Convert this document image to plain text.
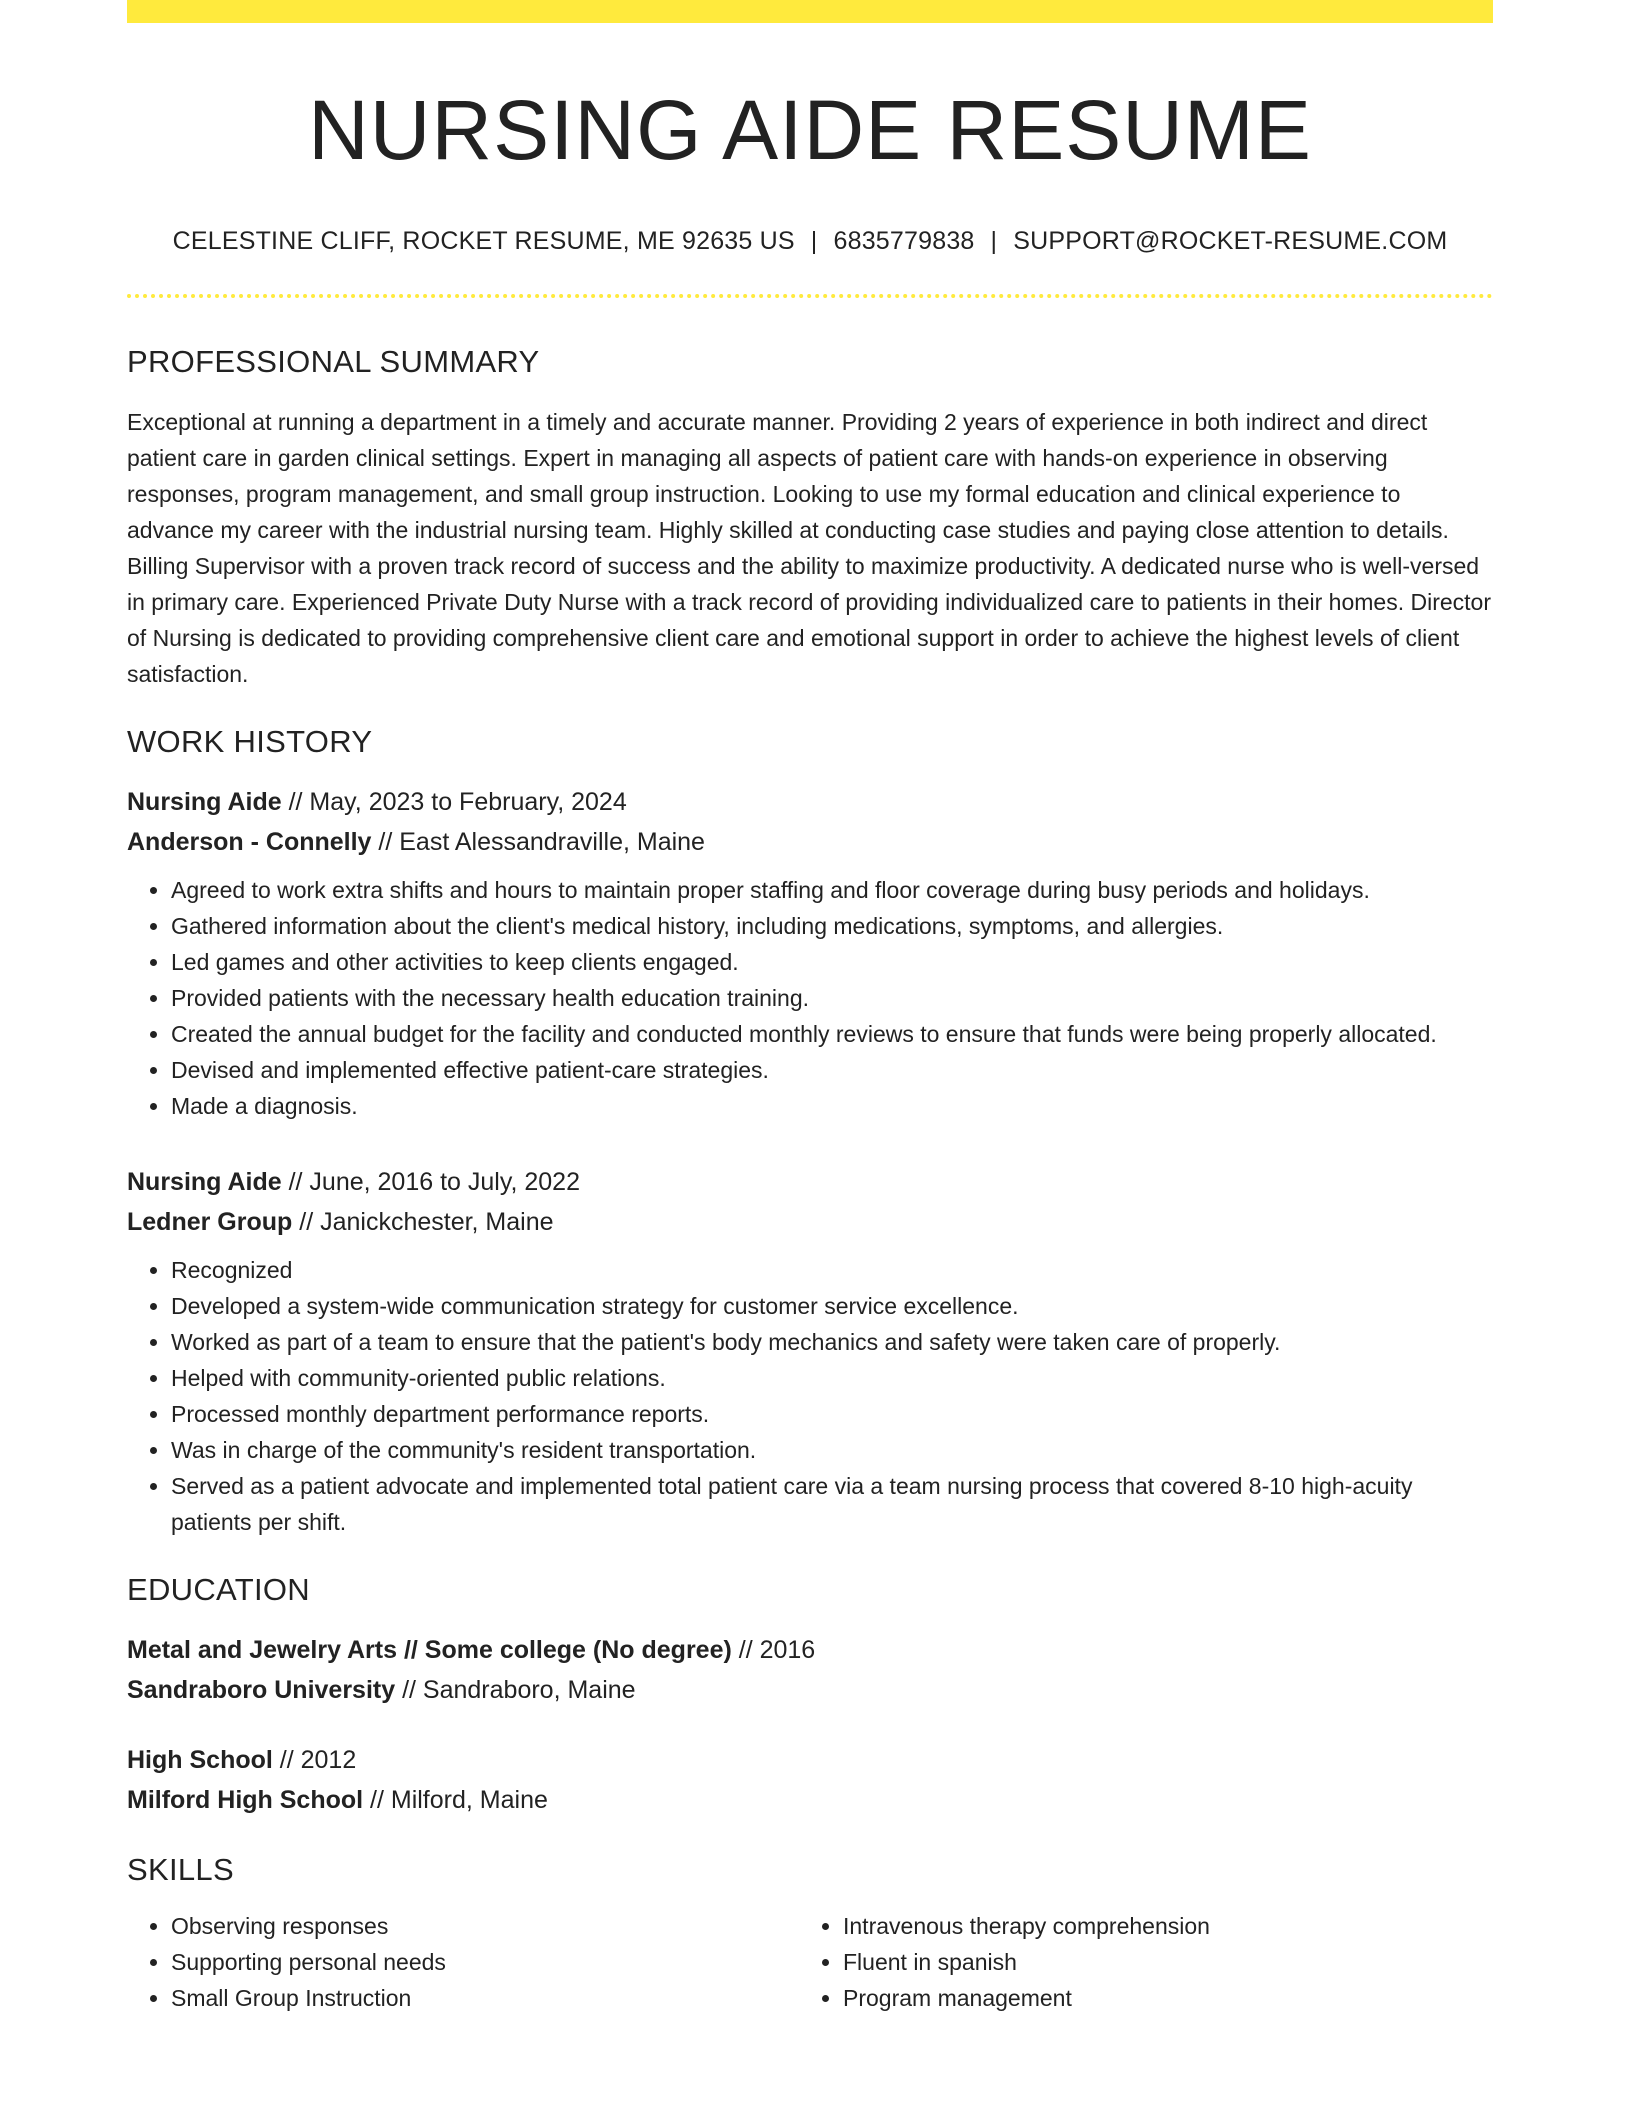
NURSING AIDE RESUME
CELESTINE CLIFF, ROCKET RESUME, ME 92635 US | 6835779838 | SUPPORT@ROCKET-RESUME.COM
PROFESSIONAL SUMMARY

Exceptional at running a department in a timely and accurate manner. Providing 2 years of experience in both indirect and direct patient care in garden clinical settings. Expert in managing all aspects of patient care with hands-on experience in observing responses, program management, and small group instruction. Looking to use my formal education and clinical experience to advance my career with the industrial nursing team. Highly skilled at conducting case studies and paying close attention to details. Billing Supervisor with a proven track record of success and the ability to maximize productivity. A dedicated nurse who is well-versed in primary care. Experienced Private Duty Nurse with a track record of providing individualized care to patients in their homes. Director of Nursing is dedicated to providing comprehensive client care and emotional support in order to achieve the highest levels of client satisfaction.

WORK HISTORY
Nursing Aide // May, 2023 to February, 2024
Anderson - Connelly // East Alessandraville, Maine
• Agreed to work extra shifts and hours to maintain proper staffing and floor coverage during busy periods and holidays.
• Gathered information about the client's medical history, including medications, symptoms, and allergies.
• Led games and other activities to keep clients engaged.
• Provided patients with the necessary health education training.
• Created the annual budget for the facility and conducted monthly reviews to ensure that funds were being properly allocated.
• Devised and implemented effective patient-care strategies.
• Made a diagnosis.
Nursing Aide // June, 2016 to July, 2022
Ledner Group // Janickchester, Maine
• Recognized
• Developed a system-wide communication strategy for customer service excellence.
• Worked as part of a team to ensure that the patient's body mechanics and safety were taken care of properly.
• Helped with community-oriented public relations.
• Processed monthly department performance reports.
• Was in charge of the community's resident transportation.
• Served as a patient advocate and implemented total patient care via a team nursing process that covered 8-10 high-acuity patients per shift.
EDUCATION
Metal and Jewelry Arts // Some college (No degree) // 2016
Sandraboro University // Sandraboro, Maine
High School // 2012
Milford High School // Milford, Maine
SKILLS
• Observing responses
• Supporting personal needs
• Small Group Instruction
• Intravenous therapy comprehension
• Fluent in spanish
• Program management
